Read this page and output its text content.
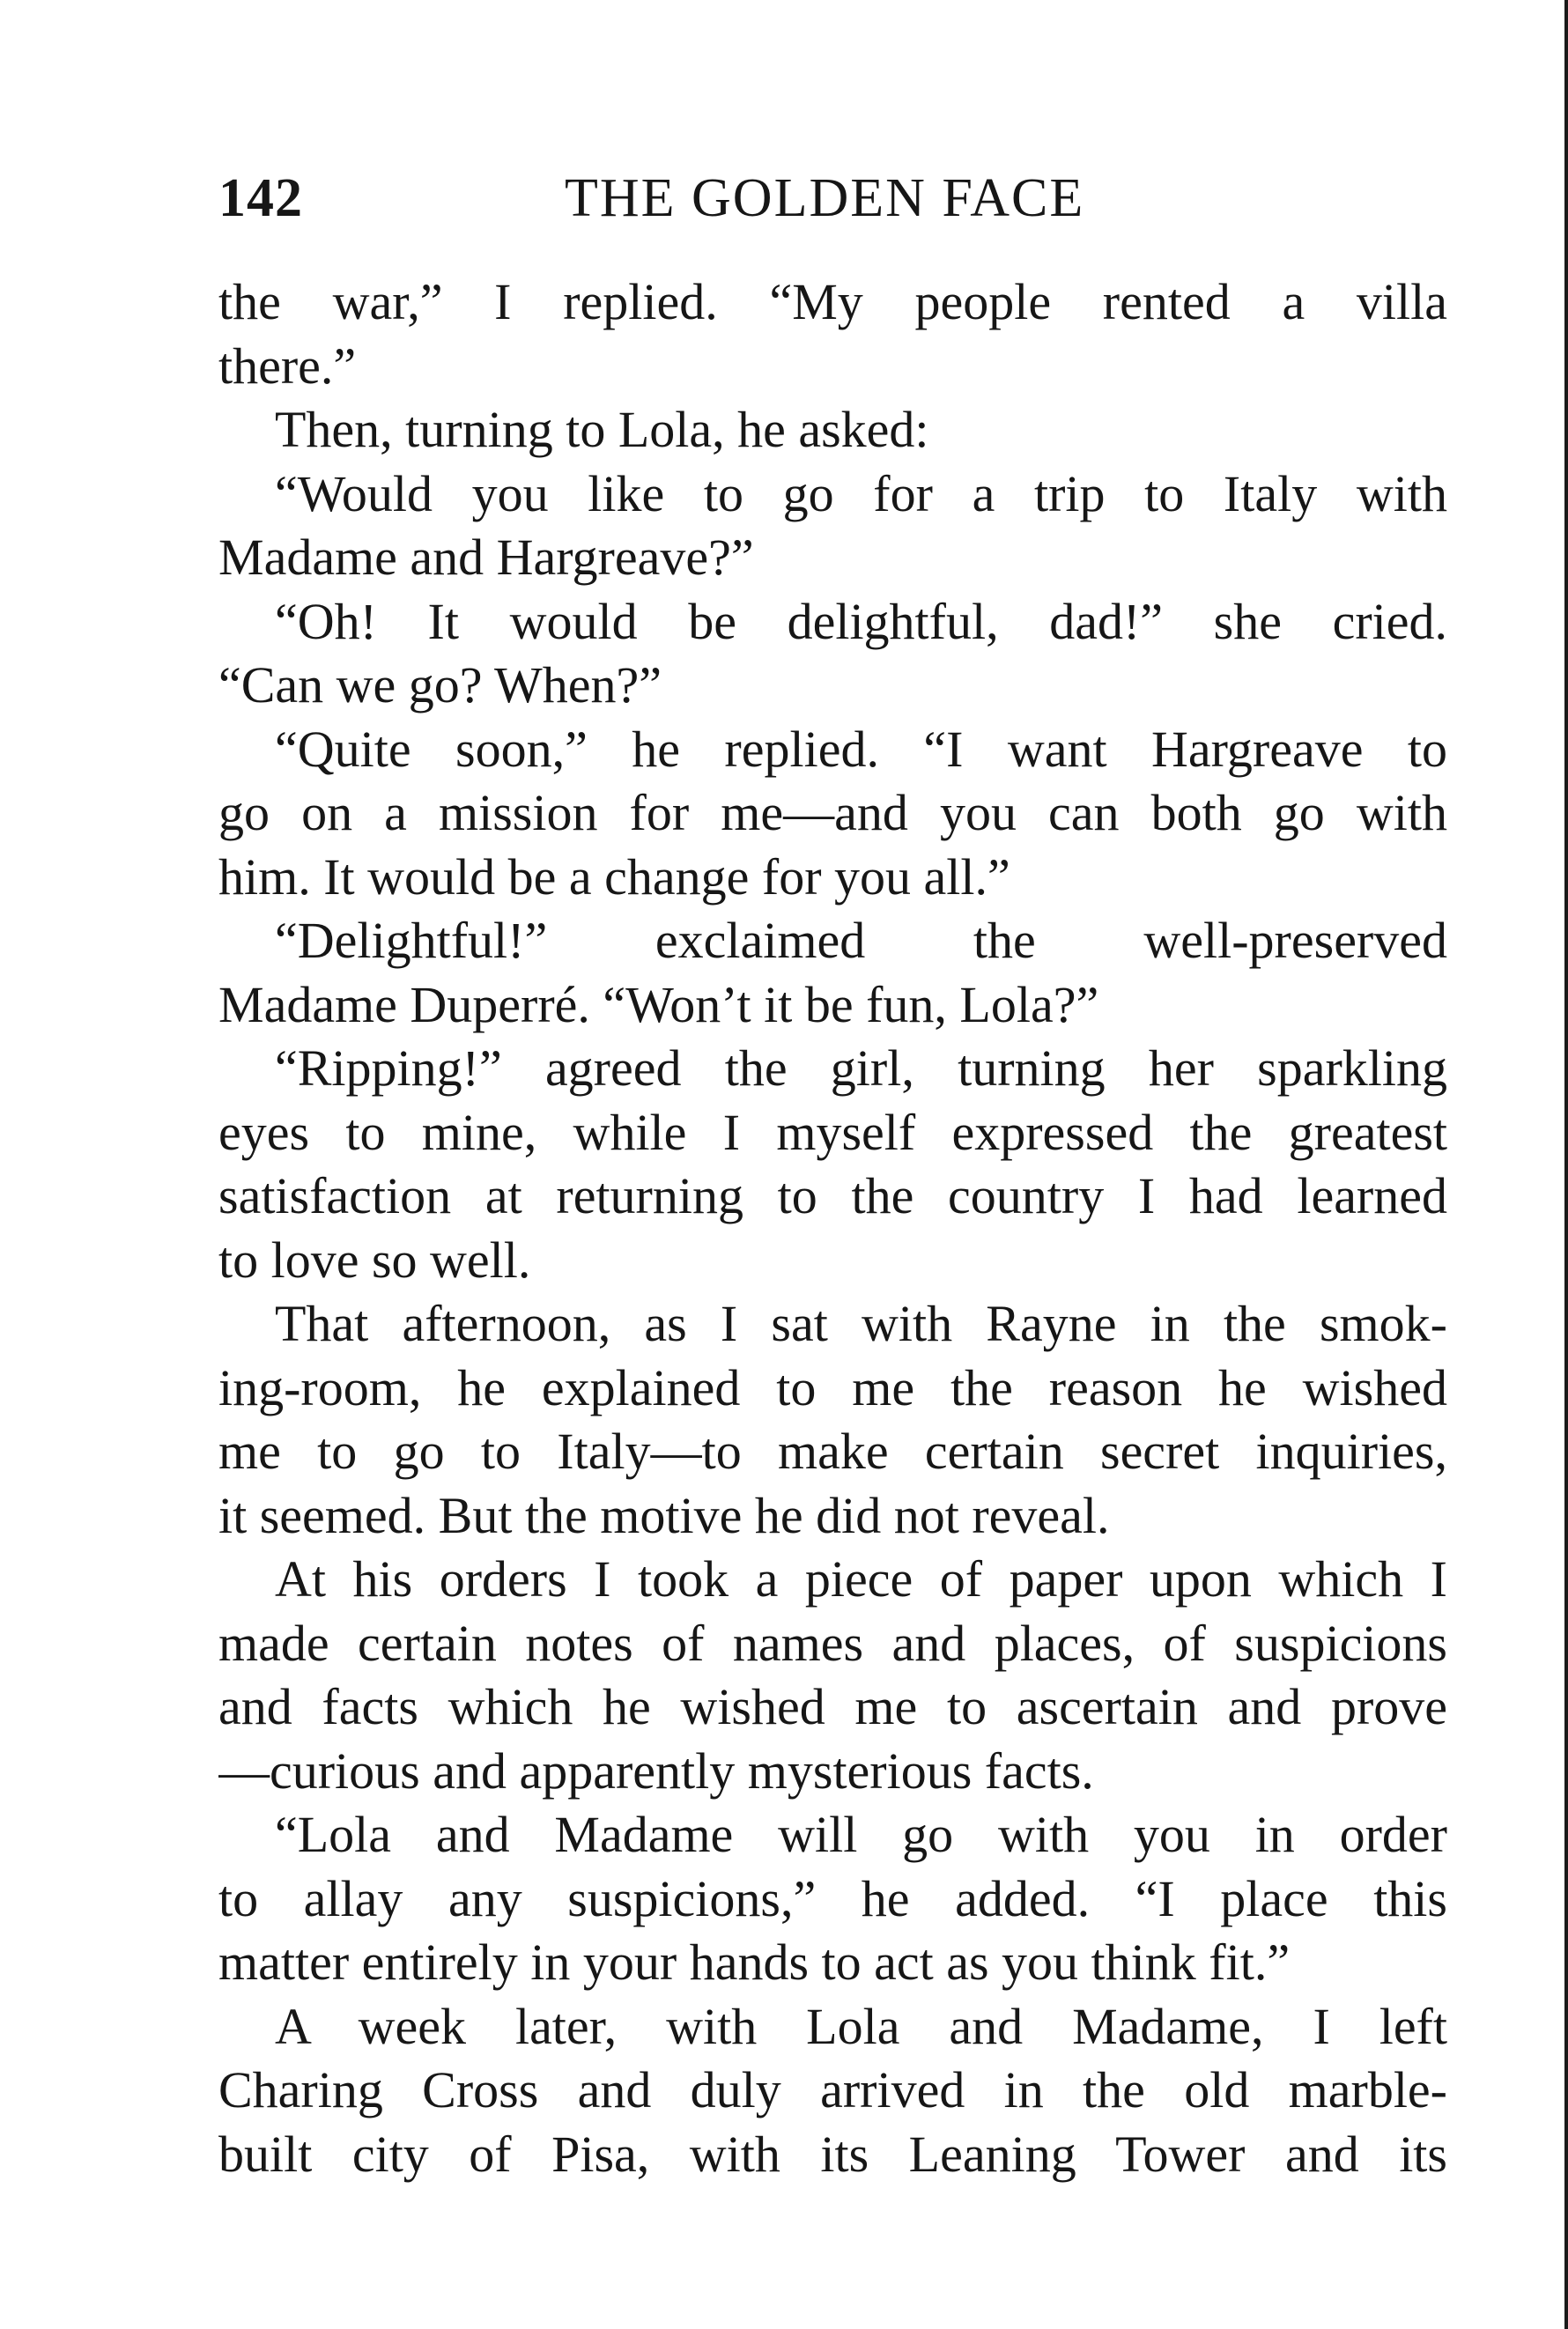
142	THE GOLDEN FACE
the war,” I replied. “My people rented a villa
there.”
Then, turning to Lola, he asked:
“Would you like to go for a trip to Italy with
Madame and Hargreave?”
“Oh! It would be delightful, dad!” she cried.
“Can we go? When?”
“Quite soon,” he replied. “I want Hargreave to
go on a mission for me—and you can both go with
him. It would be a change for you all.”
“Delightful!” exclaimed the well-preserved
Madame Duperré. “Won’t it be fun, Lola?”
“Ripping!” agreed the girl, turning her sparkling
eyes to mine, while I myself expressed the greatest
satisfaction at returning to the country I had learned
to love so well.
That afternoon, as I sat with Rayne in the smok-
ing-room, he explained to me the reason he wished
me to go to Italy—to make certain secret inquiries,
it seemed. But the motive he did not reveal.
At his orders I took a piece of paper upon which I
made certain notes of names and places, of suspicions
and facts which he wished me to ascertain and prove
—curious and apparently mysterious facts.
“Lola and Madame will go with you in order
to allay any suspicions,” he added. “I place this
matter entirely in your hands to act as you think fit.”
A week later, with Lola and Madame, I left
Charing Cross and duly arrived in the old marble-
built city of Pisa, with its Leaning Tower and its
